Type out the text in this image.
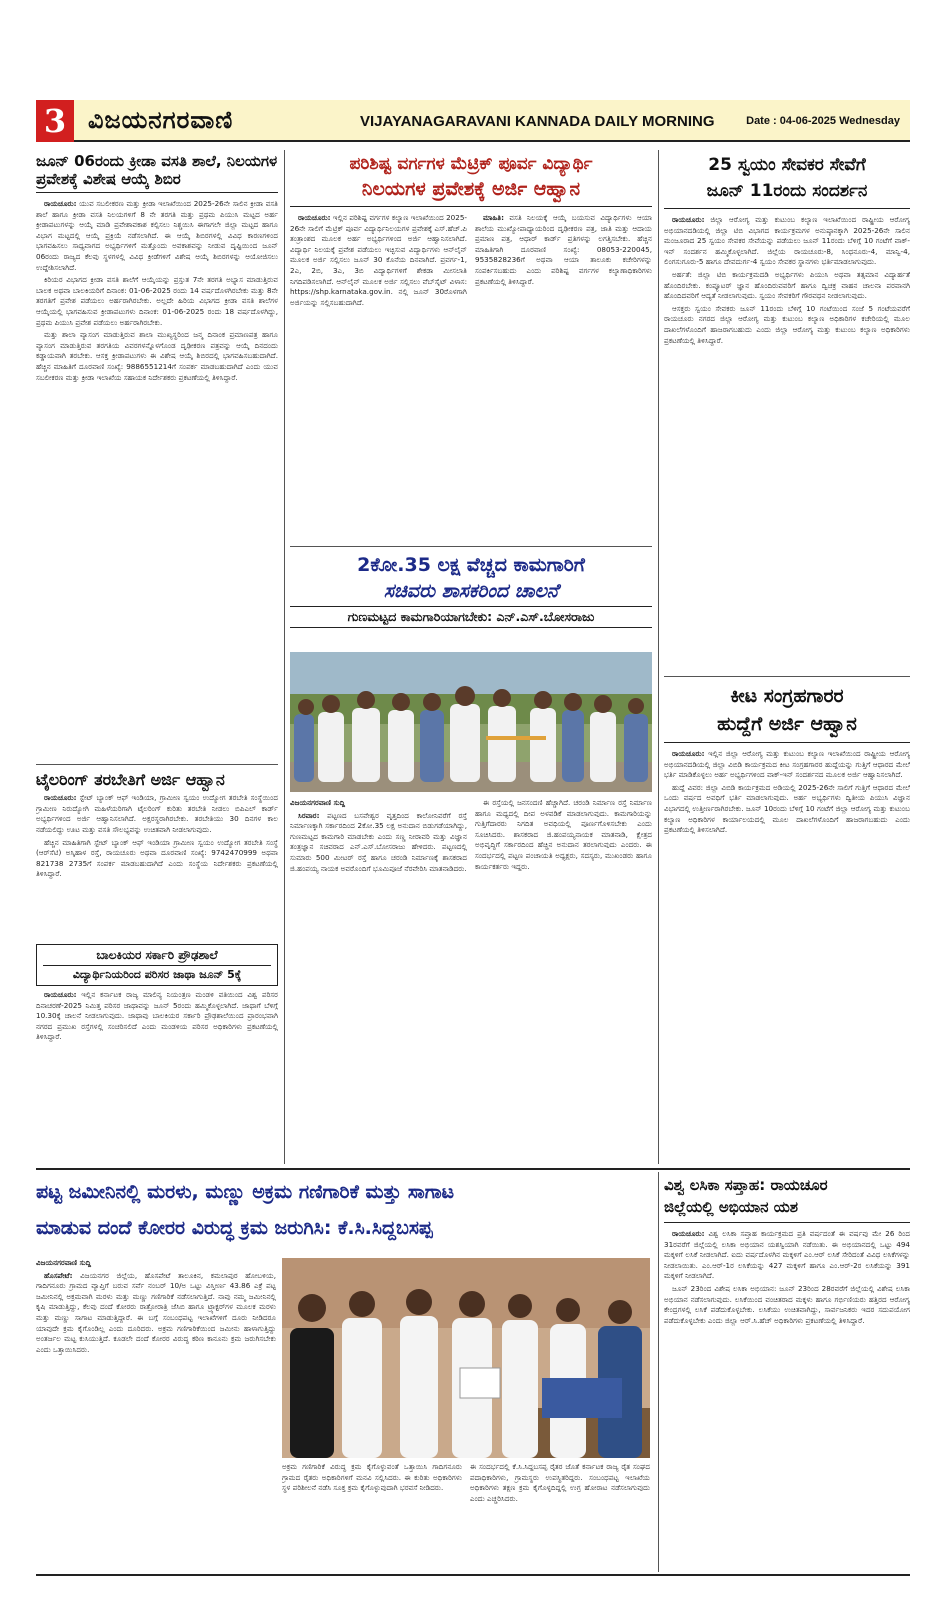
3 ವಿಜಯನಗರವಾಣಿ	VIJAYANAGARAVANI KANNADA DAILY MORNING	Date : 04-06-2025 Wednesday
ಜೂನ್ 06ರಂದು ಕ್ರೀಡಾ ವಸತಿ ಶಾಲೆ, ನಿಲಯಗಳ ಪ್ರವೇಶಕ್ಕೆ ವಿಶೇಷ ಆಯ್ಕೆ ಶಿಬಿರ

ರಾಯಚೂರು: ಯುವ ಸಬಲೀಕರಣ ಮತ್ತು ಕ್ರೀಡಾ ಇಲಾಖೆಯಿಂದ 2025-26ನೇ ಸಾಲಿನ ಕ್ರೀಡಾ ವಸತಿ ಶಾಲೆ ಹಾಗೂ ಕ್ರೀಡಾ ವಸತಿ ನಿಲಯಗಳಿಗೆ 8 ನೇ ತರಗತಿ ಮತ್ತು ಪ್ರಥಮ ಪಿಯುಸಿ ಮಟ್ಟದ ಅರ್ಹ ಕ್ರೀಡಾಪಟುಗಳನ್ನು ಆಯ್ಕೆ ಮಾಡಿ ಪ್ರವೇಶಾವಕಾಶ ಕಲ್ಪಿಸಲು ನಿಶ್ಚಯಿಸಿ ಈಗಾಗಲೇ ಜಿಲ್ಲಾ ಮಟ್ಟದ ಹಾಗೂ ವಿಭಾಗ ಮಟ್ಟದಲ್ಲಿ ಆಯ್ಕೆ ಪ್ರಕ್ರಿಯೆ ನಡೆಸಲಾಗಿದೆ. ಈ ಆಯ್ಕೆ ಶಿಬಿರಗಳಲ್ಲಿ ವಿವಿಧ ಕಾರಣಗಳಿಂದ ಭಾಗವಹಿಸಲು ಸಾಧ್ಯವಾಗದ ಅಭ್ಯರ್ಥಿಗಳಿಗೆ ಮತ್ತೊಂದು ಅವಕಾಶವನ್ನು ನೀಡುವ ದೃಷ್ಟಿಯಿಂದ ಜೂನ್ 06ರಂದು ರಾಜ್ಯದ ಕೆಲವು ಸ್ಥಳಗಳಲ್ಲಿ ವಿವಿಧ ಕ್ರೀಡೆಗಳಿಗೆ ವಿಶೇಷ ಆಯ್ಕೆ ಶಿಬಿರಗಳನ್ನು ಆಯೋಜಿಸಲು ಉದ್ದೇಶಿಸಲಾಗಿದೆ.

ಕಿರಿಯರ ವಿಭಾಗದ ಕ್ರೀಡಾ ವಸತಿ ಶಾಲೆಗೆ ಆಯ್ಕೆಯನ್ನು ಪ್ರಸ್ತುತ 7ನೇ ತರಗತಿ ಅಭ್ಯಾಸ ಮಾಡುತ್ತಿರುವ ಬಾಲಕ ಅಥವಾ ಬಾಲಕಿಯರಿಗೆ ದಿನಾಂಕ: 01-06-2025 ರಂದು 14 ವರ್ಷದೊಳಗಿರಬೇಕು ಮತ್ತು 8ನೇ ತರಗತಿಗೆ ಪ್ರವೇಶ ಪಡೆಯಲು ಅರ್ಹರಾಗಿರಬೇಕು. ಅಲ್ಲದೇ ಹಿರಿಯ ವಿಭಾಗದ ಕ್ರೀಡಾ ವಸತಿ ಶಾಲೆಗಳ ಆಯ್ಕೆಯಲ್ಲಿ ಭಾಗವಹಿಸುವ ಕ್ರೀಡಾಪಟುಗಳು ದಿನಾಂಕ: 01-06-2025 ರಂದು 18 ವರ್ಷದೊಳಗಿದ್ದು, ಪ್ರಥಮ ಪಿಯುಸಿ ಪ್ರವೇಶ ಪಡೆಯಲು ಅರ್ಹರಾಗಿರಬೇಕು.

ಮತ್ತು ಶಾಲಾ ವ್ಯಾಸಂಗ ಮಾಡುತ್ತಿರುವ ಶಾಲಾ ಮುಖ್ಯಸ್ಥರಿಂದ ಜನ್ಮ ದಿನಾಂಕ ಪ್ರಮಾಣಪತ್ರ ಹಾಗೂ ವ್ಯಾಸಂಗ ಮಾಡುತ್ತಿರುವ ತರಗತಿಯ ವಿವರಗಳನ್ನೊಳಗೊಂಡ ದೃಢೀಕರಣ ಪತ್ರವನ್ನು ಆಯ್ಕೆ ದಿನದಂದು ಕಡ್ಡಾಯವಾಗಿ ತರಬೇಕು. ಆಸಕ್ತ ಕ್ರೀಡಾಪಟುಗಳು ಈ ವಿಶೇಷ ಆಯ್ಕೆ ಶಿಬಿರದಲ್ಲಿ ಭಾಗವಹಿಸಬಹುದಾಗಿದೆ. ಹೆಚ್ಚಿನ ಮಾಹಿತಿಗೆ ದೂರವಾಣಿ ಸಂಖ್ಯೆ: 9886551214ಗೆ ಸಂಪರ್ಕ ಮಾಡಬಹುದಾಗಿದೆ ಎಂದು ಯುವ ಸಬಲೀಕರಣ ಮತ್ತು ಕ್ರೀಡಾ ಇಲಾಖೆಯ ಸಹಾಯಕ ನಿರ್ದೇಶಕರು ಪ್ರಕಟಣೆಯಲ್ಲಿ ತಿಳಿಸಿದ್ದಾರೆ.

ಟೈಲರಿಂಗ್ ತರಬೇತಿಗೆ ಅರ್ಜಿ ಆಹ್ವಾನ

ರಾಯಚೂರು: ಸ್ಟೇಟ್ ಬ್ಯಾಂಕ್ ಆಫ್ ಇಂಡಿಯಾ, ಗ್ರಾಮೀಣ ಸ್ವಯಂ ಉದ್ಯೋಗ ತರಬೇತಿ ಸಂಸ್ಥೆಯಿಂದ ಗ್ರಾಮೀಣ ನಿರುದ್ಯೋಗಿ ಮಹಿಳೆಯರಿಗಾಗಿ ಟೈಲರಿಂಗ್ ಕುರಿತು ತರಬೇತಿ ನೀಡಲು ಬಿಪಿಎಲ್ ಕಾರ್ಡ್ ಅಭ್ಯರ್ಥಿಗಳಿಂದ ಅರ್ಜಿ ಆಹ್ವಾನಿಸಲಾಗಿದೆ. ಅಕ್ಷರಸ್ಥರಾಗಿರಬೇಕು. ತರಬೇತಿಯು 30 ದಿನಗಳ ಕಾಲ ನಡೆಯಲಿದ್ದು ಊಟ ಮತ್ತು ವಸತಿ ಸೌಲಭ್ಯವನ್ನು ಉಚಿತವಾಗಿ ನೀಡಲಾಗುವುದು.

ಹೆಚ್ಚಿನ ಮಾಹಿತಿಗಾಗಿ ಸ್ಟೇಟ್ ಬ್ಯಾಂಕ್ ಆಫ್ ಇಂಡಿಯಾ ಗ್ರಾಮೀಣ ಸ್ವಯಂ ಉದ್ಯೋಗ ತರಬೇತಿ ಸಂಸ್ಥೆ (ಆರ್‌ಸೆಟಿ) ಅಸ್ಕಿಹಾಳ ರಸ್ತೆ, ರಾಯಚೂರು ಅಥವಾ ದೂರವಾಣಿ ಸಂಖ್ಯೆ: 9742470999 ಅಥವಾ 821738 2735ಗೆ ಸಂಪರ್ಕ ಮಾಡಬಹುದಾಗಿದೆ ಎಂದು ಸಂಸ್ಥೆಯ ನಿರ್ದೇಶಕರು ಪ್ರಕಟಣೆಯಲ್ಲಿ ತಿಳಿಸಿದ್ದಾರೆ.

ಬಾಲಕಿಯರ ಸರ್ಕಾರಿ ಪ್ರೌಢಶಾಲೆ
ವಿದ್ಯಾರ್ಥಿನಿಯರಿಂದ ಪರಿಸರ ಜಾಥಾ ಜೂನ್ 5ಕ್ಕೆ

ರಾಯಚೂರು: ಇಲ್ಲಿನ ಕರ್ನಾಟಕ ರಾಜ್ಯ ಮಾಲಿನ್ಯ ನಿಯಂತ್ರಣ ಮಂಡಳಿ ವತಿಯಿಂದ ವಿಶ್ವ ಪರಿಸರ ದಿನಾಚರಣೆ-2025 ನಿಮಿತ್ತ ಪರಿಸರ ಜಾಥಾವನ್ನು ಜೂನ್ 5ರಂದು ಹಮ್ಮಿಕೊಳ್ಳಲಾಗಿದೆ. ಜಾಥಾಗೆ ಬೆಳಿಗ್ಗೆ 10.30ಕ್ಕೆ ಚಾಲನೆ ನೀಡಲಾಗುವುದು. ಜಾಥಾವು ಬಾಲಕಿಯರ ಸರ್ಕಾರಿ ಪ್ರೌಢಶಾಲೆಯಿಂದ ಪ್ರಾರಂಭವಾಗಿ ನಗರದ ಪ್ರಮುಖ ರಸ್ತೆಗಳಲ್ಲಿ ಸಂಚರಿಸಲಿದೆ ಎಂದು ಮಂಡಳಿಯ ಪರಿಸರ ಅಧಿಕಾರಿಗಳು ಪ್ರಕಟಣೆಯಲ್ಲಿ ತಿಳಿಸಿದ್ದಾರೆ.

ಪರಿಶಿಷ್ಟ ವರ್ಗಗಳ ಮೆಟ್ರಿಕ್ ಪೂರ್ವ ವಿದ್ಯಾರ್ಥಿ
ನಿಲಯಗಳ ಪ್ರವೇಶಕ್ಕೆ ಅರ್ಜಿ ಆಹ್ವಾನ

ರಾಯಚೂರು: ಇಲ್ಲಿನ ಪರಿಶಿಷ್ಟ ವರ್ಗಗಳ ಕಲ್ಯಾಣ ಇಲಾಖೆಯಿಂದ 2025-26ನೇ ಸಾಲಿಗೆ ಮೆಟ್ರಿಕ್ ಪೂರ್ವ ವಿದ್ಯಾರ್ಥಿನಿಲಯಗಳ ಪ್ರವೇಶಕ್ಕೆ ಎಸ್.ಹೆಚ್.ಪಿ ತಂತ್ರಾಂಶದ ಮೂಲಕ ಅರ್ಹ ಅಭ್ಯರ್ಥಿಗಳಿಂದ ಅರ್ಜಿ ಆಹ್ವಾನಿಸಲಾಗಿದೆ. ವಿದ್ಯಾರ್ಥಿ ನಿಲಯಕ್ಕೆ ಪ್ರವೇಶ ಪಡೆಯಲು ಇಚ್ಛಿಸುವ ವಿದ್ಯಾರ್ಥಿಗಳು ಆನ್‌ಲೈನ್ ಮೂಲಕ ಅರ್ಜಿ ಸಲ್ಲಿಸಲು ಜೂನ್ 30 ಕೊನೆಯ ದಿನವಾಗಿದೆ. ಪ್ರವರ್ಗ-1, 2ಎ, 2ಬಿ, 3ಎ, 3ಬಿ ವಿದ್ಯಾರ್ಥಿಗಳಿಗೆ ಶೇಕಡಾ ಮೀಸಲಾತಿ ನಿಗದಿಪಡಿಸಲಾಗಿದೆ. ಆನ್‌ಲೈನ್ ಮೂಲಕ ಅರ್ಜಿ ಸಲ್ಲಿಸಲು ವೆಬ್‌ಸೈಟ್ ವಿಳಾಸ: https://shp.karnataka.gov.in. ನಲ್ಲಿ ಜೂನ್ 30ರೊಳಗಾಗಿ ಅರ್ಜಿಯನ್ನು ಸಲ್ಲಿಸಬಹುದಾಗಿದೆ.

ಮಾಹಿತಿ: ವಸತಿ ನಿಲಯಕ್ಕೆ ಆಯ್ಕೆ ಬಯಸುವ ವಿದ್ಯಾರ್ಥಿಗಳು ಆಯಾ ಶಾಲೆಯ ಮುಖ್ಯೋಪಾಧ್ಯಾಯರಿಂದ ದೃಢೀಕರಣ ಪತ್ರ, ಜಾತಿ ಮತ್ತು ಆದಾಯ ಪ್ರಮಾಣ ಪತ್ರ, ಆಧಾರ್ ಕಾರ್ಡ್ ಪ್ರತಿಗಳನ್ನು ಲಗತ್ತಿಸಬೇಕು. ಹೆಚ್ಚಿನ ಮಾಹಿತಿಗಾಗಿ ದೂರವಾಣಿ ಸಂಖ್ಯೆ: 08053-220045, 9535828236ಗೆ ಅಥವಾ ಆಯಾ ತಾಲೂಕು ಕಚೇರಿಗಳನ್ನು ಸಂಪರ್ಕಿಸಬಹುದು ಎಂದು ಪರಿಶಿಷ್ಟ ವರ್ಗಗಳ ಕಲ್ಯಾಣಾಧಿಕಾರಿಗಳು ಪ್ರಕಟಣೆಯಲ್ಲಿ ತಿಳಿಸಿದ್ದಾರೆ.

2ಕೋ.35 ಲಕ್ಷ ವೆಚ್ಚದ ಕಾಮಗಾರಿಗೆ
ಸಚಿವರು ಶಾಸಕರಿಂದ ಚಾಲನೆ
ಗುಣಮಟ್ಟದ ಕಾಮಗಾರಿಯಾಗಬೇಕು: ಎನ್.ಎಸ್.ಬೋಸರಾಜು

ವಿಜಯನಗರವಾಣಿ ಸುದ್ದಿ

ಸಿರವಾರ: ಪಟ್ಟಣದ ಬಸವೇಶ್ವರ ವೃತ್ತದಿಂದ ಕಾಲೋನಿವರೆಗೆ ರಸ್ತೆ ನಿರ್ಮಾಣಕ್ಕಾಗಿ ಸರ್ಕಾರದಿಂದ 2ಕೋ.35 ಲಕ್ಷ ಅನುದಾನ ಬಿಡುಗಡೆಯಾಗಿದ್ದು, ಗುಣಮಟ್ಟದ ಕಾಮಗಾರಿ ಮಾಡಬೇಕು ಎಂದು ಸಣ್ಣ ನೀರಾವರಿ ಮತ್ತು ವಿಜ್ಞಾನ ತಂತ್ರಜ್ಞಾನ ಸಚಿವರಾದ ಎನ್.ಎಸ್.ಬೋಸರಾಜು ಹೇಳಿದರು. ಪಟ್ಟಣದಲ್ಲಿ ಸುಮಾರು 500 ಮೀಟರ್ ರಸ್ತೆ ಹಾಗೂ ಚರಂಡಿ ನಿರ್ಮಾಣಕ್ಕೆ ಶಾಸಕರಾದ ಜಿ.ಹಂಪಯ್ಯ ನಾಯಕ ಅವರೊಂದಿಗೆ ಭೂಮಿಪೂಜೆ ನೆರವೇರಿಸಿ ಮಾತನಾಡಿದರು.

ಈ ರಸ್ತೆಯಲ್ಲಿ ಜನಸಂದಣಿ ಹೆಚ್ಚಾಗಿದೆ. ಚರಂಡಿ ನಿರ್ಮಾಣ ರಸ್ತೆ ನಿರ್ಮಾಣ ಹಾಗೂ ಮಧ್ಯದಲ್ಲಿ ದೀಪ ಅಳವಡಿಕೆ ಮಾಡಲಾಗುವುದು. ಕಾಮಗಾರಿಯನ್ನು ಗುತ್ತಿಗೆದಾರರು ನಿಗದಿತ ಅವಧಿಯಲ್ಲಿ ಪೂರ್ಣಗೊಳಿಸಬೇಕು ಎಂದು ಸೂಚಿಸಿದರು. ಶಾಸಕರಾದ ಜಿ.ಹಂಪಯ್ಯನಾಯಕ ಮಾತನಾಡಿ, ಕ್ಷೇತ್ರದ ಅಭಿವೃದ್ಧಿಗೆ ಸರ್ಕಾರದಿಂದ ಹೆಚ್ಚಿನ ಅನುದಾನ ತರಲಾಗುವುದು ಎಂದರು. ಈ ಸಂದರ್ಭದಲ್ಲಿ ಪಟ್ಟಣ ಪಂಚಾಯತಿ ಅಧ್ಯಕ್ಷರು, ಸದಸ್ಯರು, ಮುಖಂಡರು ಹಾಗೂ ಕಾರ್ಯಕರ್ತರು ಇದ್ದರು.

25 ಸ್ವಯಂ ಸೇವಕರ ಸೇವೆಗೆ
ಜೂನ್ 11ರಂದು ಸಂದರ್ಶನ

ರಾಯಚೂರು: ಜಿಲ್ಲಾ ಆರೋಗ್ಯ ಮತ್ತು ಕುಟುಂಬ ಕಲ್ಯಾಣ ಇಲಾಖೆಯಿಂದ ರಾಷ್ಟ್ರೀಯ ಆರೋಗ್ಯ ಅಭಿಯಾನದಡಿಯಲ್ಲಿ ಜಿಲ್ಲಾ ಟಿಬಿ ವಿಭಾಗದ ಕಾರ್ಯಕ್ರಮಗಳ ಅನುಷ್ಠಾನಕ್ಕಾಗಿ 2025-26ನೇ ಸಾಲಿನ ಮಂಜೂರಾದ 25 ಸ್ವಯಂ ಸೇವಕರ ಸೇವೆಯನ್ನು ಪಡೆಯಲು ಜೂನ್ 11ರಂದು ಬೆಳಿಗ್ಗೆ 10 ಗಂಟೆಗೆ ವಾಕ್-ಇನ್ ಸಂದರ್ಶನ ಹಮ್ಮಿಕೊಳ್ಳಲಾಗಿದೆ. ಜಿಲ್ಲೆಯ ರಾಯಚೂರು-8, ಸಿಂಧನೂರು-4, ಮಾನ್ವಿ-4, ಲಿಂಗಸುಗೂರು-5 ಹಾಗೂ ದೇವದುರ್ಗ-4 ಸ್ವಯಂ ಸೇವಕರ ಸ್ಥಾನಗಳು ಭರ್ತಿಮಾಡಲಾಗುವುದು.

ಅರ್ಹತೆ: ಜಿಲ್ಲಾ ಟಿಬಿ ಕಾರ್ಯಕ್ರಮದಡಿ ಅಭ್ಯರ್ಥಿಗಳು ಪಿಯುಸಿ ಅಥವಾ ತತ್ಸಮಾನ ವಿದ್ಯಾರ್ಹತೆ ಹೊಂದಿರಬೇಕು. ಕಂಪ್ಯೂಟರ್ ಜ್ಞಾನ ಹೊಂದಿರುವವರಿಗೆ ಹಾಗೂ ದ್ವಿಚಕ್ರ ವಾಹನ ಚಾಲನಾ ಪರವಾನಗಿ ಹೊಂದಿದವರಿಗೆ ಆದ್ಯತೆ ನೀಡಲಾಗುವುದು. ಸ್ವಯಂ ಸೇವಕರಿಗೆ ಗೌರವಧನ ನೀಡಲಾಗುವುದು.

ಆಸಕ್ತರು ಸ್ವಯಂ ಸೇವಕರು ಜೂನ್ 11ರಂದು ಬೆಳಿಗ್ಗೆ 10 ಗಂಟೆಯಿಂದ ಸಂಜೆ 5 ಗಂಟೆಯವರೆಗೆ ರಾಯಚೂರು ನಗರದ ಜಿಲ್ಲಾ ಆರೋಗ್ಯ ಮತ್ತು ಕುಟುಂಬ ಕಲ್ಯಾಣ ಅಧಿಕಾರಿಗಳ ಕಚೇರಿಯಲ್ಲಿ ಮೂಲ ದಾಖಲೆಗಳೊಂದಿಗೆ ಹಾಜರಾಗಬಹುದು ಎಂದು ಜಿಲ್ಲಾ ಆರೋಗ್ಯ ಮತ್ತು ಕುಟುಂಬ ಕಲ್ಯಾಣ ಅಧಿಕಾರಿಗಳು ಪ್ರಕಟಣೆಯಲ್ಲಿ ತಿಳಿಸಿದ್ದಾರೆ.

ಕೀಟ ಸಂಗ್ರಹಗಾರರ
ಹುದ್ದೆಗೆ ಅರ್ಜಿ ಆಹ್ವಾನ

ರಾಯಚೂರು: ಇಲ್ಲಿನ ಜಿಲ್ಲಾ ಆರೋಗ್ಯ ಮತ್ತು ಕುಟುಂಬ ಕಲ್ಯಾಣ ಇಲಾಖೆಯಿಂದ ರಾಷ್ಟ್ರೀಯ ಆರೋಗ್ಯ ಅಭಿಯಾನದಡಿಯಲ್ಲಿ ಜಿಲ್ಲಾ ವಿಬಿಡಿ ಕಾರ್ಯಕ್ರಮದ ಕೀಟ ಸಂಗ್ರಹಗಾರರ ಹುದ್ದೆಯನ್ನು ಗುತ್ತಿಗೆ ಆಧಾರದ ಮೇಲೆ ಭರ್ತಿ ಮಾಡಿಕೊಳ್ಳಲು ಅರ್ಹ ಅಭ್ಯರ್ಥಿಗಳಿಂದ ವಾಕ್-ಇನ್ ಸಂದರ್ಶನದ ಮೂಲಕ ಅರ್ಜಿ ಆಹ್ವಾನಿಸಲಾಗಿದೆ.

ಹುದ್ದೆ ವಿವರ: ಜಿಲ್ಲಾ ವಿಬಿಡಿ ಕಾರ್ಯಕ್ರಮದ ಅಡಿಯಲ್ಲಿ 2025-26ನೇ ಸಾಲಿಗೆ ಗುತ್ತಿಗೆ ಆಧಾರದ ಮೇಲೆ ಒಂದು ವರ್ಷದ ಅವಧಿಗೆ ಭರ್ತಿ ಮಾಡಲಾಗುವುದು. ಅರ್ಹ ಅಭ್ಯರ್ಥಿಗಳು ದ್ವಿತೀಯ ಪಿಯುಸಿ ವಿಜ್ಞಾನ ವಿಭಾಗದಲ್ಲಿ ಉತ್ತೀರ್ಣರಾಗಿರಬೇಕು. ಜೂನ್ 10ರಂದು ಬೆಳಿಗ್ಗೆ 10 ಗಂಟೆಗೆ ಜಿಲ್ಲಾ ಆರೋಗ್ಯ ಮತ್ತು ಕುಟುಂಬ ಕಲ್ಯಾಣ ಅಧಿಕಾರಿಗಳ ಕಾರ್ಯಾಲಯದಲ್ಲಿ ಮೂಲ ದಾಖಲೆಗಳೊಂದಿಗೆ ಹಾಜರಾಗಬಹುದು ಎಂದು ಪ್ರಕಟಣೆಯಲ್ಲಿ ತಿಳಿಸಲಾಗಿದೆ.

ಪಟ್ಟ ಜಮೀನಿನಲ್ಲಿ ಮರಳು, ಮಣ್ಣು ಅಕ್ರಮ ಗಣಿಗಾರಿಕೆ ಮತ್ತು ಸಾಗಾಟ
ಮಾಡುವ ದಂದೆ ಕೋರರ ವಿರುದ್ಧ ಕ್ರಮ ಜರುಗಿಸಿ: ಕೆ.ಸಿ.ಸಿದ್ದಬಸಪ್ಪ

ವಿಜಯನಗರವಾಣಿ ಸುದ್ದಿ

ಹೊಸಪೇಟೆ: ವಿಜಯನಗರ ಜಿಲ್ಲೆಯ, ಹೊಸಪೇಟೆ ತಾಲೂಕಿನ, ಕಮಲಾಪುರ ಹೋಬಳಿಯ, ಗಾದಿಗನೂರು ಗ್ರಾಮದ ವ್ಯಾಪ್ತಿಗೆ ಬರುವ ಸರ್ವೆ ನಂಬರ್ 10/ಅ ಒಟ್ಟು ವಿಸ್ತೀರ್ಣ 43.86 ಎಕ್ರೆ ಪಟ್ಟ ಜಮೀನಿನಲ್ಲಿ ಅಕ್ರಮವಾಗಿ ಮರಳು ಮತ್ತು ಮಣ್ಣು ಗಣಿಗಾರಿಕೆ ನಡೆಸಲಾಗುತ್ತಿದೆ. ನಾವು ನಮ್ಮ ಜಮೀನಿನಲ್ಲಿ ಕೃಷಿ ಮಾಡುತ್ತಿದ್ದು, ಕೆಲವು ದಂದೆ ಕೋರರು ರಾತ್ರೋರಾತ್ರಿ ಜೆಸಿಬಿ ಹಾಗೂ ಟ್ರ್ಯಾಕ್ಟರ್‌ಗಳ ಮೂಲಕ ಮರಳು ಮತ್ತು ಮಣ್ಣು ಸಾಗಾಟ ಮಾಡುತ್ತಿದ್ದಾರೆ. ಈ ಬಗ್ಗೆ ಸಂಬಂಧಪಟ್ಟ ಇಲಾಖೆಗಳಿಗೆ ದೂರು ನೀಡಿದರೂ ಯಾವುದೇ ಕ್ರಮ ಕೈಗೊಂಡಿಲ್ಲ ಎಂದು ದೂರಿದರು. ಅಕ್ರಮ ಗಣಿಗಾರಿಕೆಯಿಂದ ಜಮೀನು ಹಾಳಾಗುತ್ತಿದ್ದು ಅಂತರ್ಜಲ ಮಟ್ಟ ಕುಸಿಯುತ್ತಿದೆ. ಕೂಡಲೇ ದಂದೆ ಕೋರರ ವಿರುದ್ಧ ಕಠಿಣ ಕಾನೂನು ಕ್ರಮ ಜರುಗಿಸಬೇಕು ಎಂದು ಒತ್ತಾಯಿಸಿದರು.

ಅಕ್ರಮ ಗಣಿಗಾರಿಕೆ ವಿರುದ್ಧ ಕ್ರಮ ಕೈಗೊಳ್ಳುವಂತೆ ಒತ್ತಾಯಿಸಿ ಗಾದಿಗನೂರು ಗ್ರಾಮದ ರೈತರು ಅಧಿಕಾರಿಗಳಿಗೆ ಮನವಿ ಸಲ್ಲಿಸಿದರು. ಈ ಕುರಿತು ಅಧಿಕಾರಿಗಳು ಸ್ಥಳ ಪರಿಶೀಲನೆ ನಡೆಸಿ ಸೂಕ್ತ ಕ್ರಮ ಕೈಗೊಳ್ಳುವುದಾಗಿ ಭರವಸೆ ನೀಡಿದರು.
ಈ ಸಂದರ್ಭದಲ್ಲಿ ಕೆ.ಸಿ.ಸಿದ್ದಬಸಪ್ಪ ರೈತರ ಜೊತೆ ಕರ್ನಾಟಕ ರಾಜ್ಯ ರೈತ ಸಂಘದ ಪದಾಧಿಕಾರಿಗಳು, ಗ್ರಾಮಸ್ಥರು ಉಪಸ್ಥಿತರಿದ್ದರು. ಸಂಬಂಧಪಟ್ಟ ಇಲಾಖೆಯ ಅಧಿಕಾರಿಗಳು ತಕ್ಷಣ ಕ್ರಮ ಕೈಗೊಳ್ಳದಿದ್ದಲ್ಲಿ ಉಗ್ರ ಹೋರಾಟ ನಡೆಸಲಾಗುವುದು ಎಂದು ಎಚ್ಚರಿಸಿದರು.
ವಿಶ್ವ ಲಸಿಕಾ ಸಪ್ತಾಹ: ರಾಯಚೂರ
ಜಿಲ್ಲೆಯಲ್ಲಿ ಅಭಿಯಾನ ಯಶ

ರಾಯಚೂರು: ವಿಶ್ವ ಲಸಿಕಾ ಸಪ್ತಾಹ ಕಾರ್ಯಕ್ರಮದ ಪ್ರತಿ ವರ್ಷದಂತೆ ಈ ವರ್ಷವು ಮೇ 26 ರಿಂದ 31ರವರೆಗೆ ಜಿಲ್ಲೆಯಲ್ಲಿ ಲಸಿಕಾ ಅಭಿಯಾನ ಯಶಸ್ವಿಯಾಗಿ ನಡೆಯಿತು. ಈ ಅಭಿಯಾನದಲ್ಲಿ ಒಟ್ಟು 494 ಮಕ್ಕಳಿಗೆ ಲಸಿಕೆ ನೀಡಲಾಗಿದೆ. ಐದು ವರ್ಷದೊಳಗಿನ ಮಕ್ಕಳಿಗೆ ಎಂ.ಆರ್ ಲಸಿಕೆ ಸೇರಿದಂತೆ ವಿವಿಧ ಲಸಿಕೆಗಳನ್ನು ನೀಡಲಾಯಿತು. ಎಂ.ಆರ್-1ರ ಲಸಿಕೆಯನ್ನು 427 ಮಕ್ಕಳಿಗೆ ಹಾಗೂ ಎಂ.ಆರ್-2ರ ಲಸಿಕೆಯನ್ನು 391 ಮಕ್ಕಳಿಗೆ ನೀಡಲಾಗಿದೆ.

ಜೂನ್ 23ರಿಂದ ವಿಶೇಷ ಲಸಿಕಾ ಅಭಿಯಾನ: ಜೂನ್ 23ರಿಂದ 28ರವರೆಗೆ ಜಿಲ್ಲೆಯಲ್ಲಿ ವಿಶೇಷ ಲಸಿಕಾ ಅಭಿಯಾನ ನಡೆಸಲಾಗುವುದು. ಲಸಿಕೆಯಿಂದ ವಂಚಿತರಾದ ಮಕ್ಕಳು ಹಾಗೂ ಗರ್ಭಿಣಿಯರು ಹತ್ತಿರದ ಆರೋಗ್ಯ ಕೇಂದ್ರಗಳಲ್ಲಿ ಲಸಿಕೆ ಪಡೆದುಕೊಳ್ಳಬೇಕು. ಲಸಿಕೆಯು ಉಚಿತವಾಗಿದ್ದು, ಸಾರ್ವಜನಿಕರು ಇದರ ಸದುಪಯೋಗ ಪಡೆದುಕೊಳ್ಳಬೇಕು ಎಂದು ಜಿಲ್ಲಾ ಆರ್.ಸಿ.ಹೆಚ್ ಅಧಿಕಾರಿಗಳು ಪ್ರಕಟಣೆಯಲ್ಲಿ ತಿಳಿಸಿದ್ದಾರೆ.
